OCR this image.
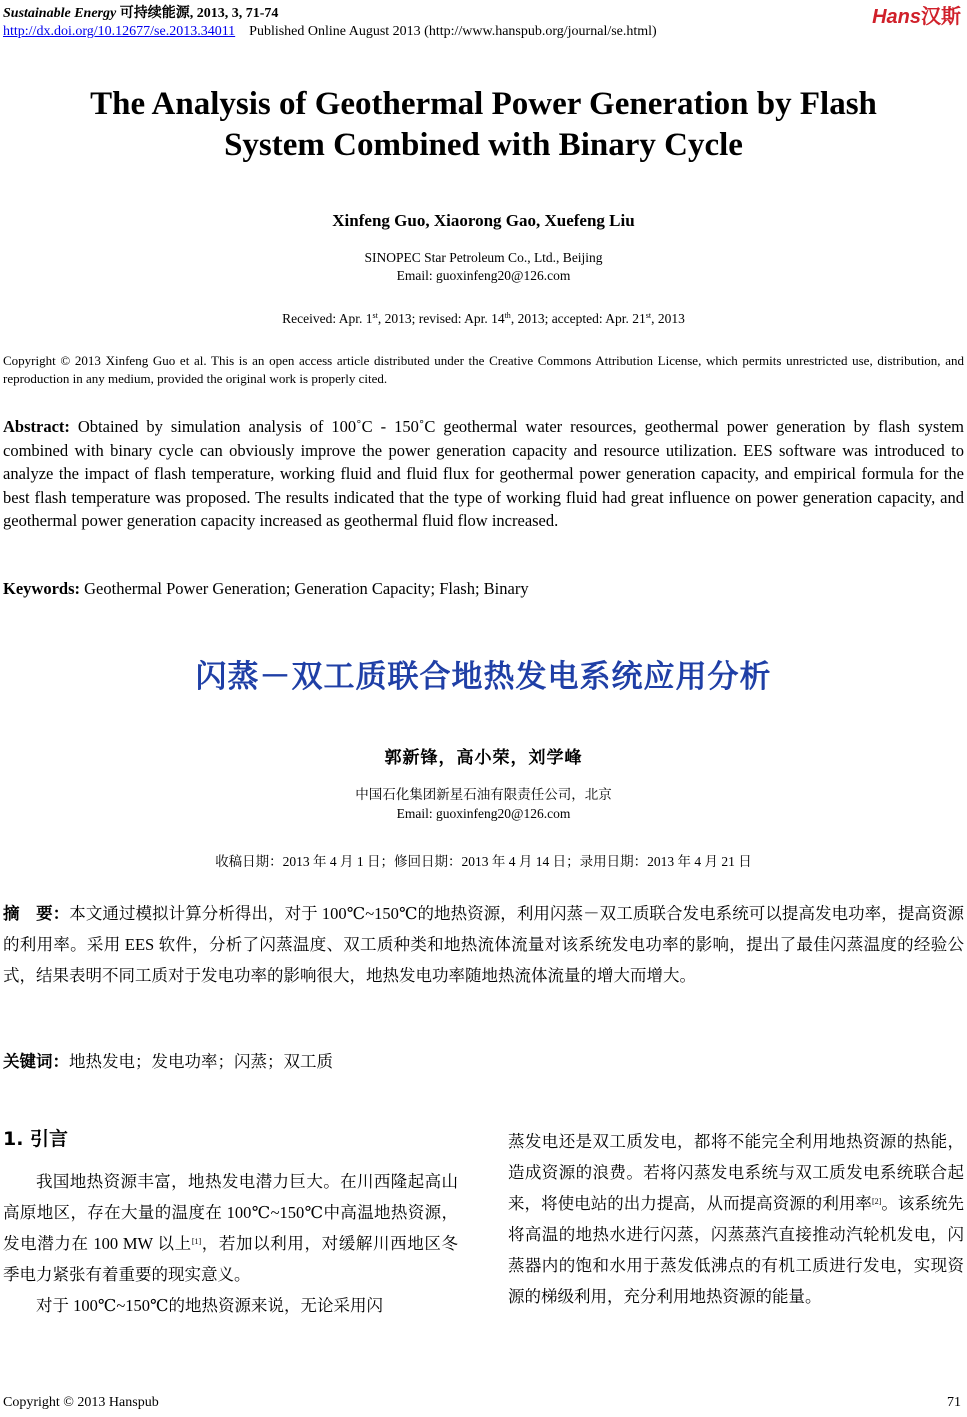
Sustainable Energy 可持续能源, 2013, 3, 71-74
http://dx.doi.org/10.12677/se.2013.34011 Published Online August 2013 (http://www.hanspub.org/journal/se.html)
Hans汉斯
The Analysis of Geothermal Power Generation by Flash
System Combined with Binary Cycle
Xinfeng Guo, Xiaorong Gao, Xuefeng Liu
SINOPEC Star Petroleum Co., Ltd., Beijing
Email: guoxinfeng20@126.com
Received: Apr. 1st, 2013; revised: Apr. 14th, 2013; accepted: Apr. 21st, 2013
Copyright © 2013 Xinfeng Guo et al. This is an open access article distributed under the Creative Commons Attribution License, which permits unrestricted use, distribution, and reproduction in any medium, provided the original work is properly cited.
Abstract: Obtained by simulation analysis of 100˚C - 150˚C geothermal water resources, geothermal power generation by flash system combined with binary cycle can obviously improve the power generation capacity and resource utilization. EES software was introduced to analyze the impact of flash temperature, working fluid and fluid flux for geothermal power generation capacity, and empirical formula for the best flash temperature was proposed. The results indicated that the type of working fluid had great influence on power generation capacity, and geothermal power generation capacity increased as geothermal fluid flow increased.
Keywords: Geothermal Power Generation; Generation Capacity; Flash; Binary
闪蒸－双工质联合地热发电系统应用分析
郭新锋，高小荣，刘学峰
中国石化集团新星石油有限责任公司，北京
Email: guoxinfeng20@126.com
收稿日期：2013 年 4 月 1 日；修回日期：2013 年 4 月 14 日；录用日期：2013 年 4 月 21 日
摘　要：本文通过模拟计算分析得出，对于 100℃~150℃的地热资源，利用闪蒸－双工质联合发电系统可以提高发电功率，提高资源的利用率。采用 EES 软件，分析了闪蒸温度、双工质种类和地热流体流量对该系统发电功率的影响，提出了最佳闪蒸温度的经验公式，结果表明不同工质对于发电功率的影响很大，地热发电功率随地热流体流量的增大而增大。
关键词：地热发电；发电功率；闪蒸；双工质
1. 引言

我国地热资源丰富，地热发电潜力巨大。在川西隆起高山高原地区，存在大量的温度在 100℃~150℃中高温地热资源，发电潜力在 100 MW 以上[1]，若加以利用，对缓解川西地区冬季电力紧张有着重要的现实意义。

对于 100℃~150℃的地热资源来说，无论采用闪

蒸发电还是双工质发电，都将不能完全利用地热资源的热能，造成资源的浪费。若将闪蒸发电系统与双工质发电系统联合起来，将使电站的出力提高，从而提高资源的利用率[2]。该系统先将高温的地热水进行闪蒸，闪蒸蒸汽直接推动汽轮机发电，闪蒸器内的饱和水用于蒸发低沸点的有机工质进行发电，实现资源的梯级利用，充分利用地热资源的能量。

Copyright © 2013 Hanspub	71
